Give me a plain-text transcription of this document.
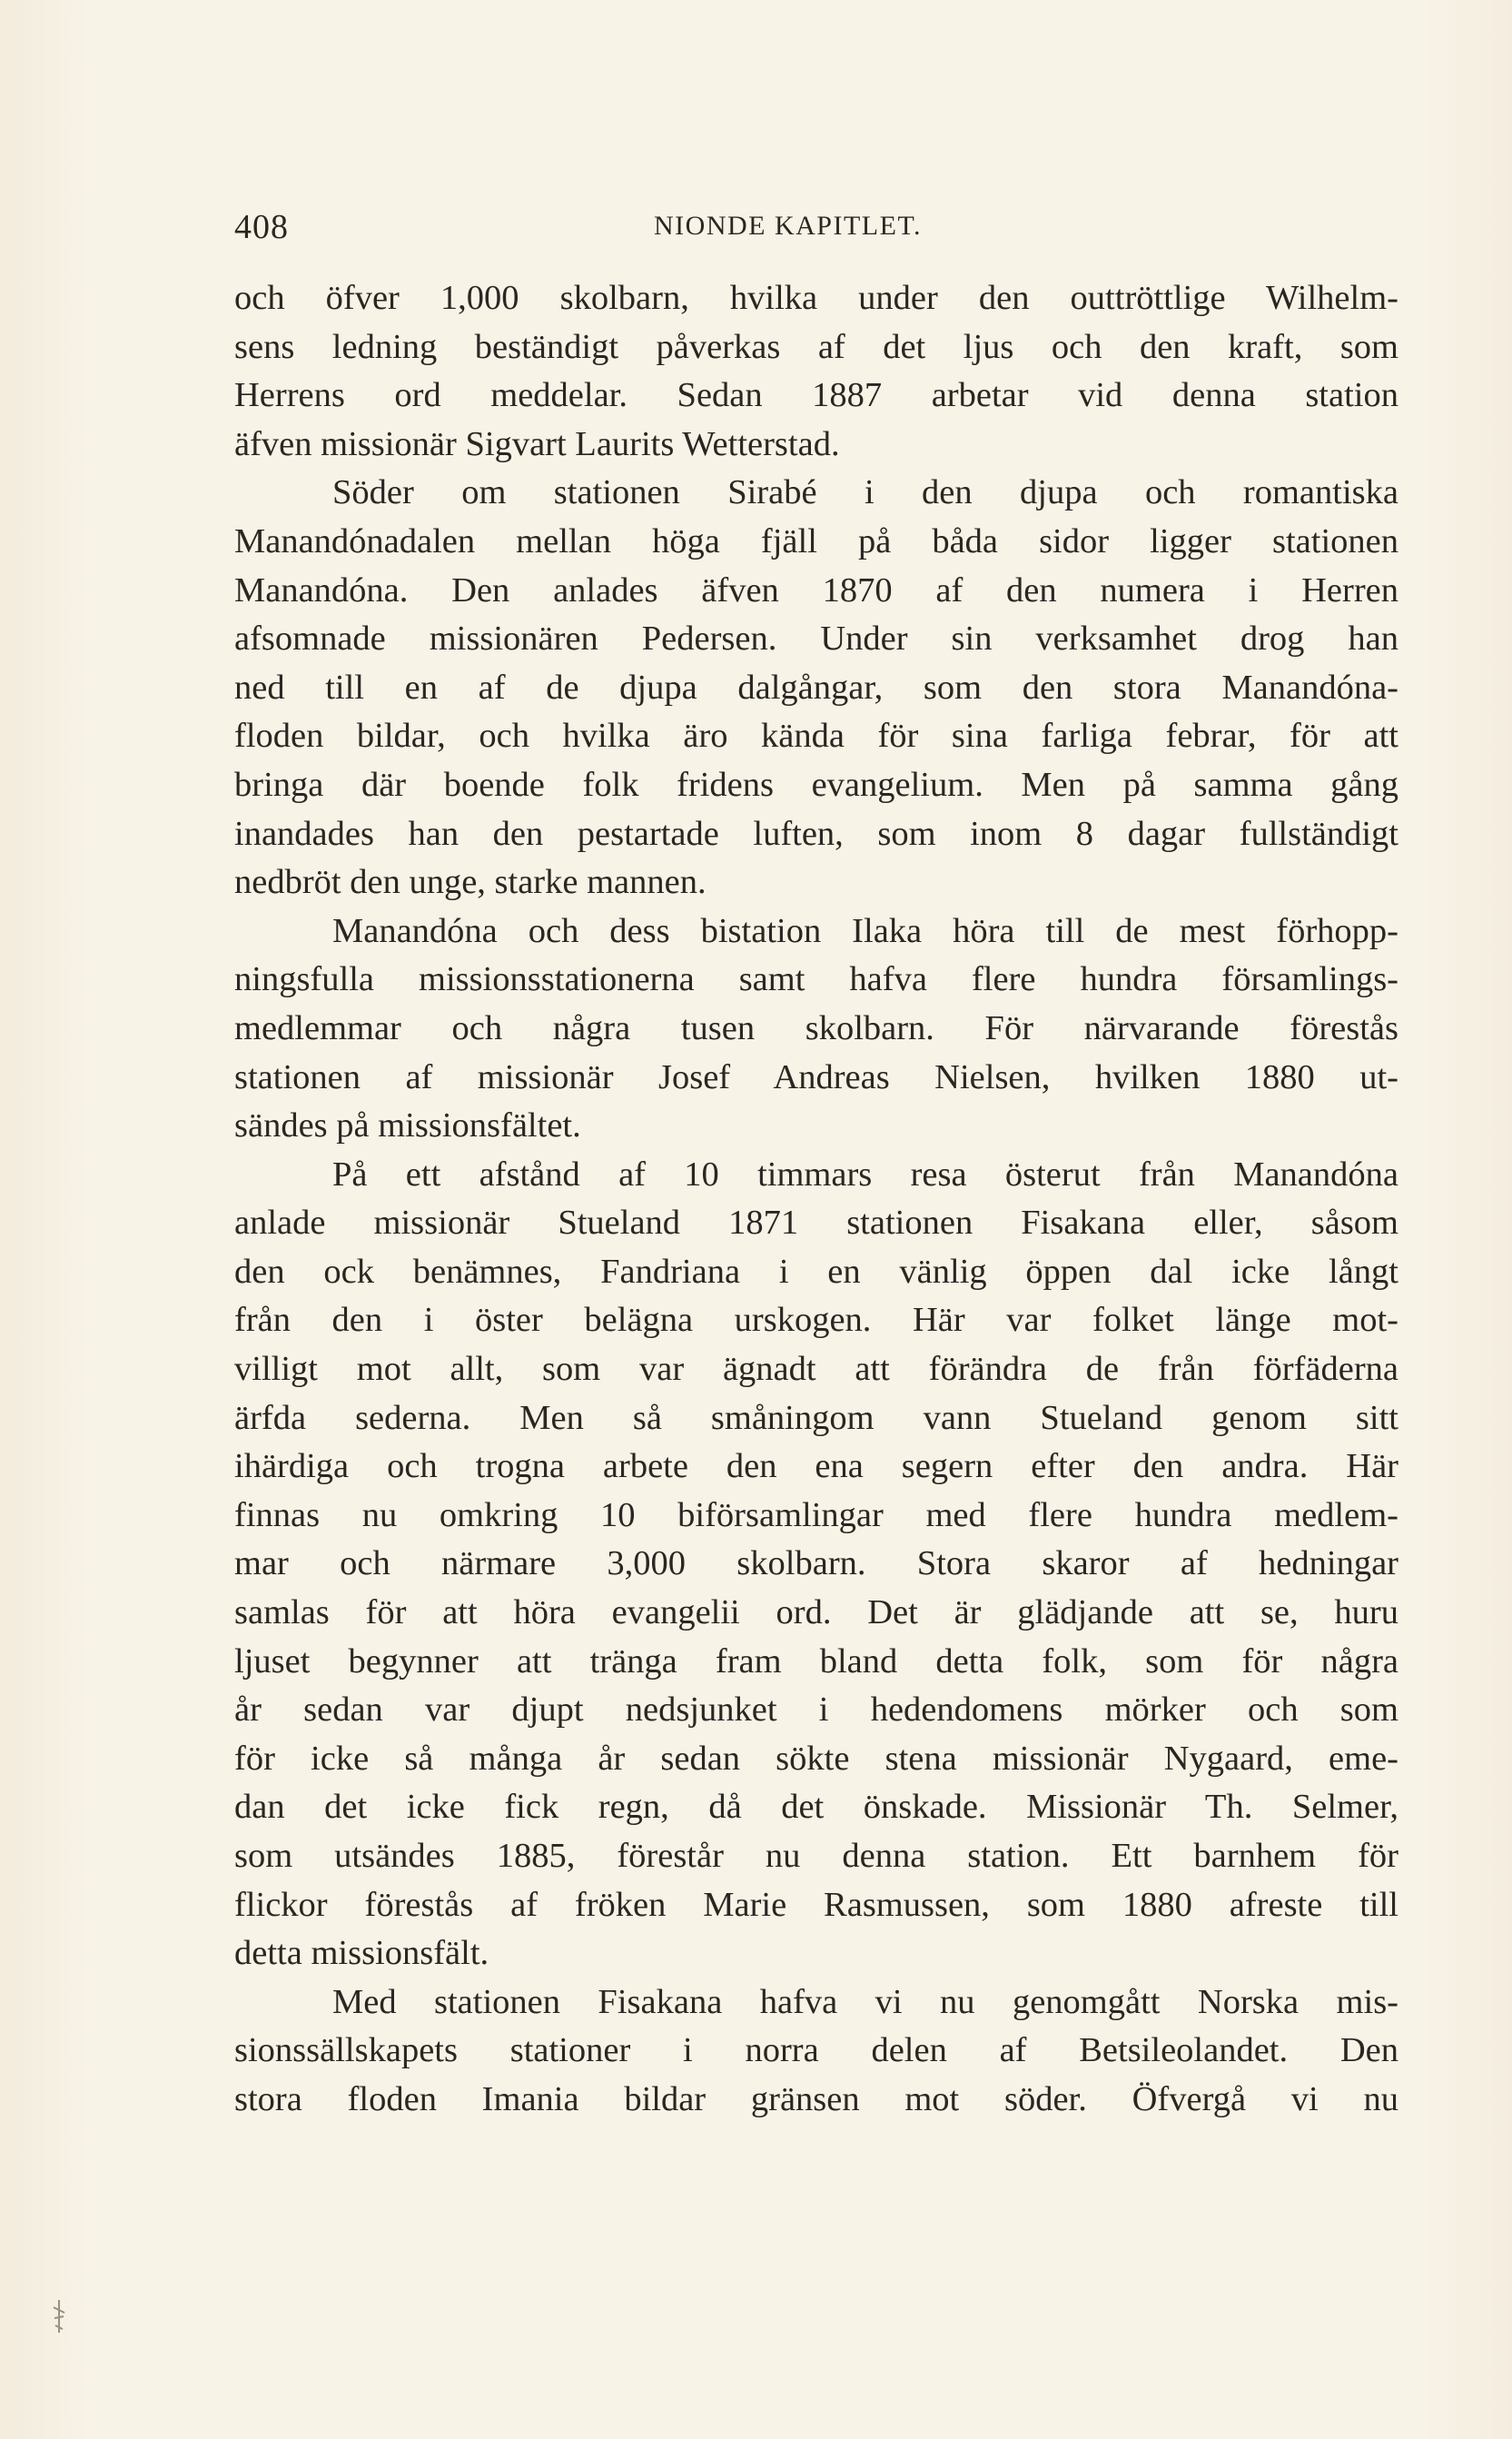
408	NIONDE KAPITLET.
och öfver 1,000 skolbarn, hvilka under den outtröttlige Wilhelm-
sens ledning beständigt påverkas af det ljus och den kraft, som
Herrens ord meddelar. Sedan 1887 arbetar vid denna station
äfven missionär Sigvart Laurits Wetterstad.
Söder om stationen Sirabé i den djupa och romantiska
Manandónadalen mellan höga fjäll på båda sidor ligger stationen
Manandóna. Den anlades äfven 1870 af den numera i Herren
afsomnade missionären Pedersen. Under sin verksamhet drog han
ned till en af de djupa dalgångar, som den stora Manandóna-
floden bildar, och hvilka äro kända för sina farliga febrar, för att
bringa där boende folk fridens evangelium. Men på samma gång
inandades han den pestartade luften, som inom 8 dagar fullständigt
nedbröt den unge, starke mannen.
Manandóna och dess bistation Ilaka höra till de mest förhopp-
ningsfulla missionsstationerna samt hafva flere hundra församlings-
medlemmar och några tusen skolbarn. För närvarande förestås
stationen af missionär Josef Andreas Nielsen, hvilken 1880 ut-
sändes på missionsfältet.
På ett afstånd af 10 timmars resa österut från Manandóna
anlade missionär Stueland 1871 stationen Fisakana eller, såsom
den ock benämnes, Fandriana i en vänlig öppen dal icke långt
från den i öster belägna urskogen. Här var folket länge mot-
villigt mot allt, som var ägnadt att förändra de från förfäderna
ärfda sederna. Men så småningom vann Stueland genom sitt
ihärdiga och trogna arbete den ena segern efter den andra. Här
finnas nu omkring 10 biförsamlingar med flere hundra medlem-
mar och närmare 3,000 skolbarn. Stora skaror af hedningar
samlas för att höra evangelii ord. Det är glädjande att se, huru
ljuset begynner att tränga fram bland detta folk, som för några
år sedan var djupt nedsjunket i hedendomens mörker och som
för icke så många år sedan sökte stena missionär Nygaard, eme-
dan det icke fick regn, då det önskade. Missionär Th. Selmer,
som utsändes 1885, förestår nu denna station. Ett barnhem för
flickor förestås af fröken Marie Rasmussen, som 1880 afreste till
detta missionsfält.
Med stationen Fisakana hafva vi nu genomgått Norska mis-
sionssällskapets stationer i norra delen af Betsileolandet. Den
stora floden Imania bildar gränsen mot söder. Öfvergå vi nu
